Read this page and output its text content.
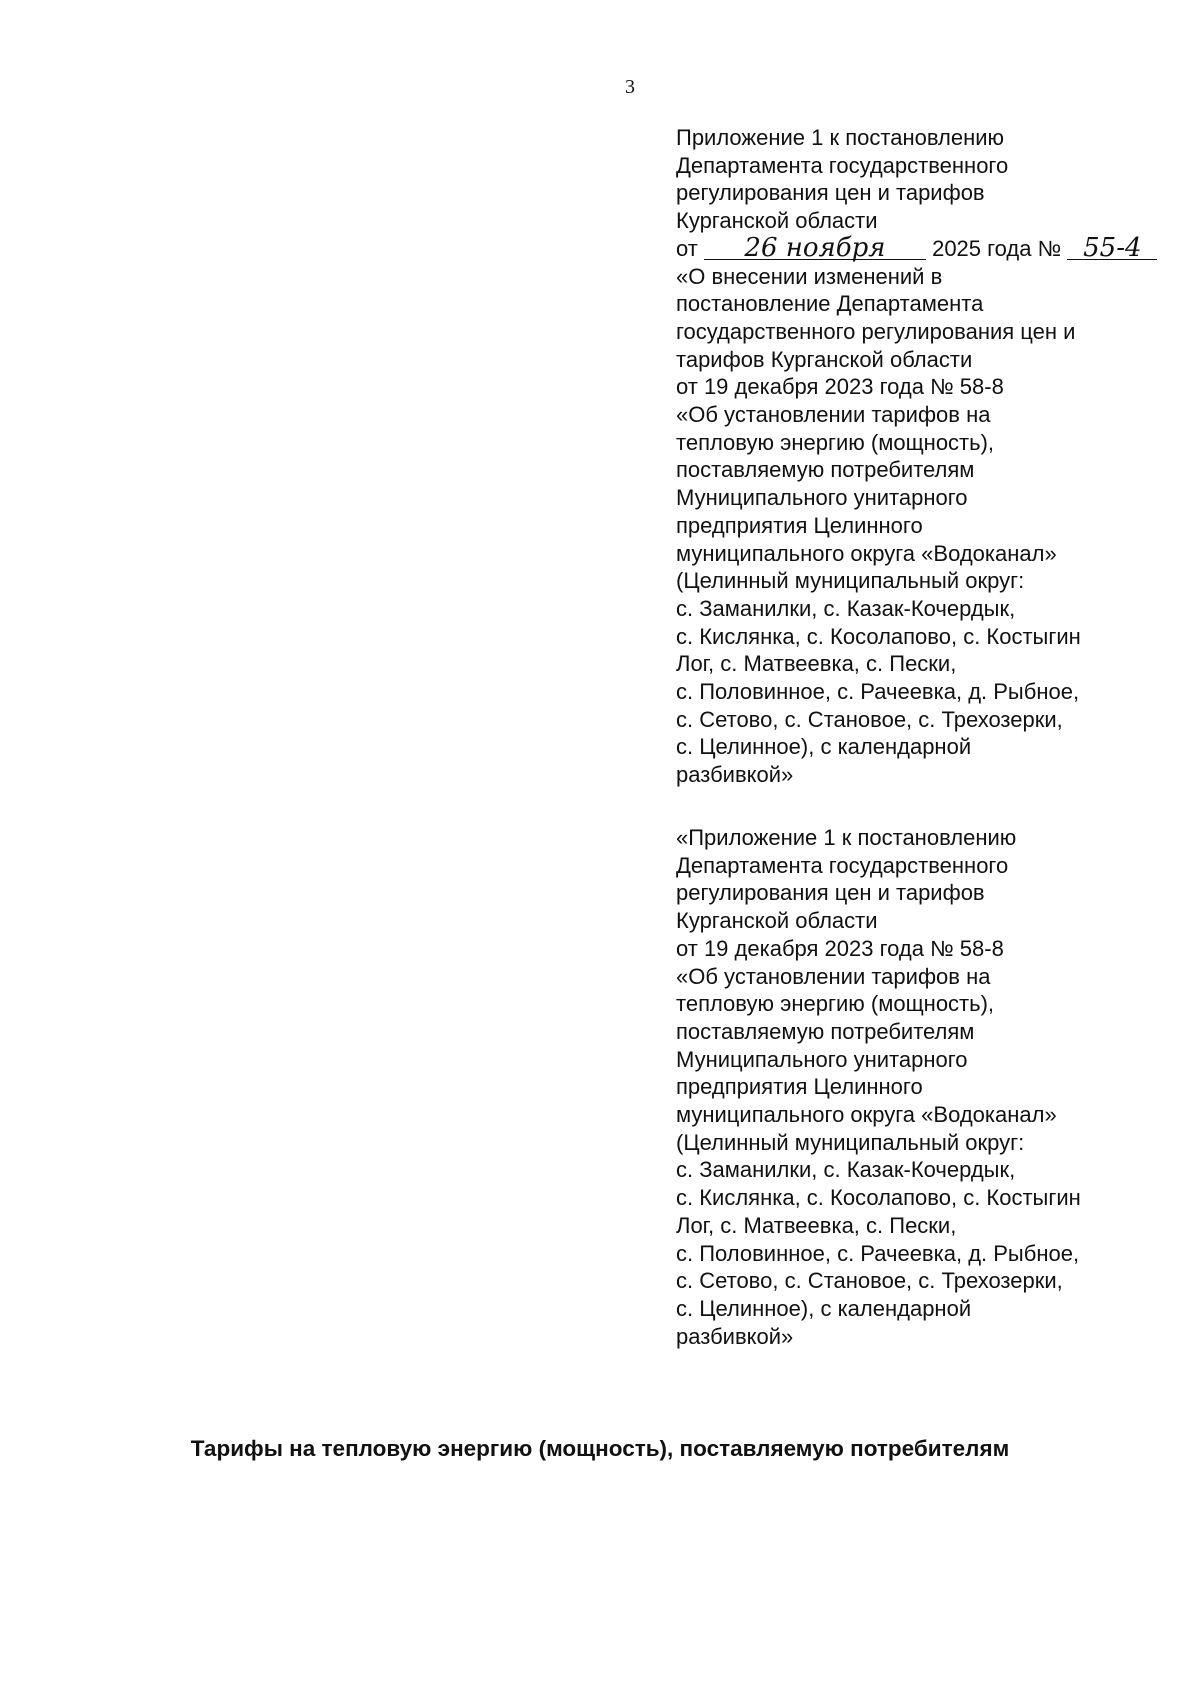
3
Приложение 1 к постановлению
Департамента государственного
регулирования цен и тарифов
Курганской области
от 26 ноября 2025 года № 55-4
«О внесении изменений в
постановление Департамента
государственного регулирования цен и
тарифов Курганской области
от 19 декабря 2023 года № 58-8
«Об установлении тарифов на
тепловую энергию (мощность),
поставляемую потребителям
Муниципального унитарного
предприятия Целинного
муниципального округа «Водоканал»
(Целинный муниципальный округ:
с. Заманилки, с. Казак-Кочердык,
с. Кислянка, с. Косолапово, с. Костыгин
Лог, с. Матвеевка, с. Пески,
с. Половинное, с. Рачеевка, д. Рыбное,
с. Сетово, с. Становое, с. Трехозерки,
с. Целинное), с календарной
разбивкой»
«Приложение 1 к постановлению
Департамента государственного
регулирования цен и тарифов
Курганской области
от 19 декабря 2023 года № 58-8
«Об установлении тарифов на
тепловую энергию (мощность),
поставляемую потребителям
Муниципального унитарного
предприятия Целинного
муниципального округа «Водоканал»
(Целинный муниципальный округ:
с. Заманилки, с. Казак-Кочердык,
с. Кислянка, с. Косолапово, с. Костыгин
Лог, с. Матвеевка, с. Пески,
с. Половинное, с. Рачеевка, д. Рыбное,
с. Сетово, с. Становое, с. Трехозерки,
с. Целинное), с календарной
разбивкой»
Тарифы на тепловую энергию (мощность), поставляемую потребителям
